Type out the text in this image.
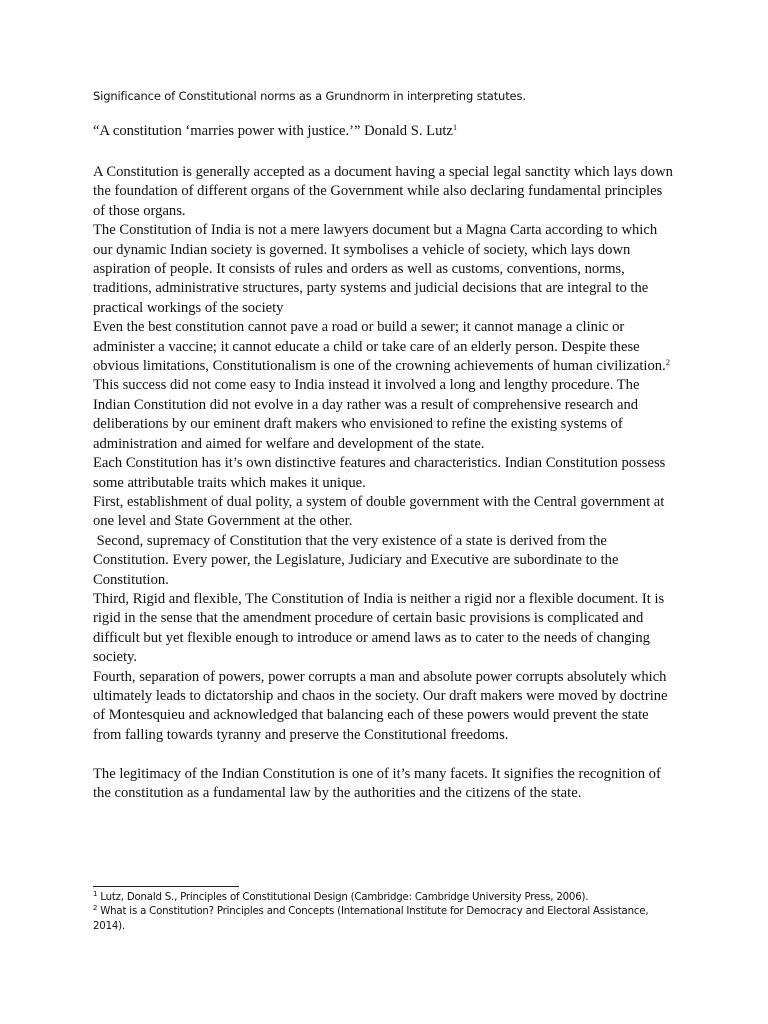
Significance of Constitutional norms as a Grundnorm in interpreting statutes.
“A constitution ‘marries power with justice.’” Donald S. Lutz$^1$

A Constitution is generally accepted as a document having a special legal sanctity which lays down the foundation of different organs of the Government while also declaring fundamental principles of those organs.

The Constitution of India is not a mere lawyers document but a Magna Carta according to which our dynamic Indian society is governed. It symbolises a vehicle of society, which lays down aspiration of people. It consists of rules and orders as well as customs, conventions, norms, traditions, administrative structures, party systems and judicial decisions that are integral to the practical workings of the society

Even the best constitution cannot pave a road or build a sewer; it cannot manage a clinic or administer a vaccine; it cannot educate a child or take care of an elderly person. Despite these obvious limitations, Constitutionalism is one of the crowning achievements of human civilization.$^2$

This success did not come easy to India instead it involved a long and lengthy procedure. The Indian Constitution did not evolve in a day rather was a result of comprehensive research and deliberations by our eminent draft makers who envisioned to refine the existing systems of administration and aimed for welfare and development of the state.

Each Constitution has it’s own distinctive features and characteristics. Indian Constitution possess some attributable traits which makes it unique.

First, establishment of dual polity, a system of double government with the Central government at one level and State Government at the other.

Second, supremacy of Constitution that the very existence of a state is derived from the Constitution. Every power, the Legislature, Judiciary and Executive are subordinate to the Constitution.

Third, Rigid and flexible, The Constitution of India is neither a rigid nor a flexible document. It is rigid in the sense that the amendment procedure of certain basic provisions is complicated and difficult but yet flexible enough to introduce or amend laws as to cater to the needs of changing society.

Fourth, separation of powers, power corrupts a man and absolute power corrupts absolutely which ultimately leads to dictatorship and chaos in the society. Our draft makers were moved by doctrine of Montesquieu and acknowledged that balancing each of these powers would prevent the state from falling towards tyranny and preserve the Constitutional freedoms.

The legitimacy of the Indian Constitution is one of it’s many facets. It signifies the recognition of the constitution as a fundamental law by the authorities and the citizens of the state.

$^1$ Lutz, Donald S., Principles of Constitutional Design (Cambridge: Cambridge University Press, 2006).

$^2$ What is a Constitution? Principles and Concepts (International Institute for Democracy and Electoral Assistance, 2014).
